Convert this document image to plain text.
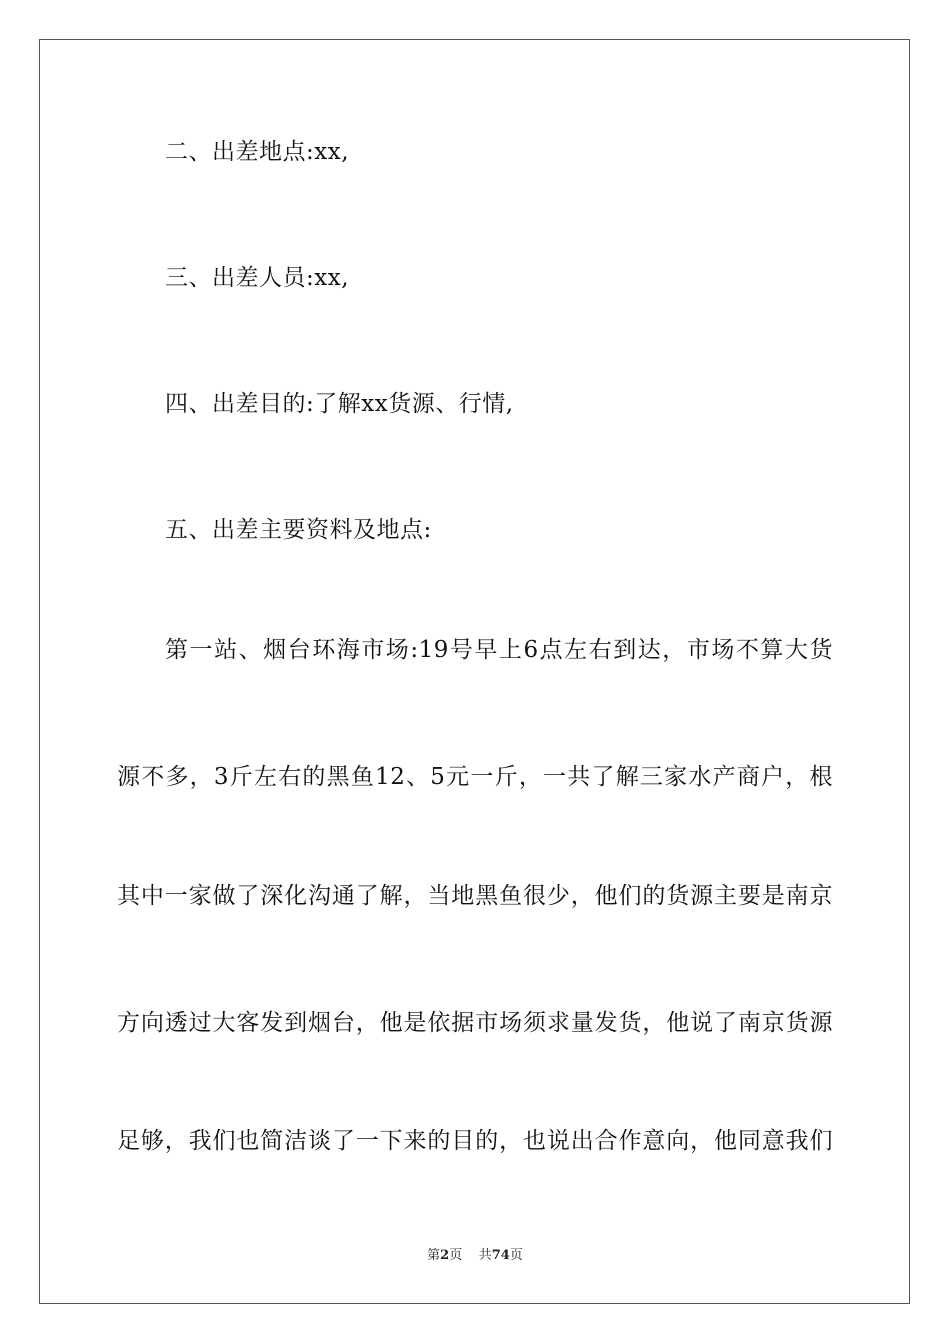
二、出差地点:xx,
三、出差人员:xx,
四、出差目的:了解xx货源、行情,
五、出差主要资料及地点:
第一站、烟台环海市场:19号早上6点左右到达，市场不算大货
源不多，3斤左右的黑鱼12、5元一斤，一共了解三家水产商户，根
其中一家做了深化沟通了解，当地黑鱼很少，他们的货源主要是南京
方向透过大客发到烟台，他是依据市场须求量发货，他说了南京货源
足够，我们也简洁谈了一下来的目的，也说出合作意向，他同意我们
第2页 共74页
